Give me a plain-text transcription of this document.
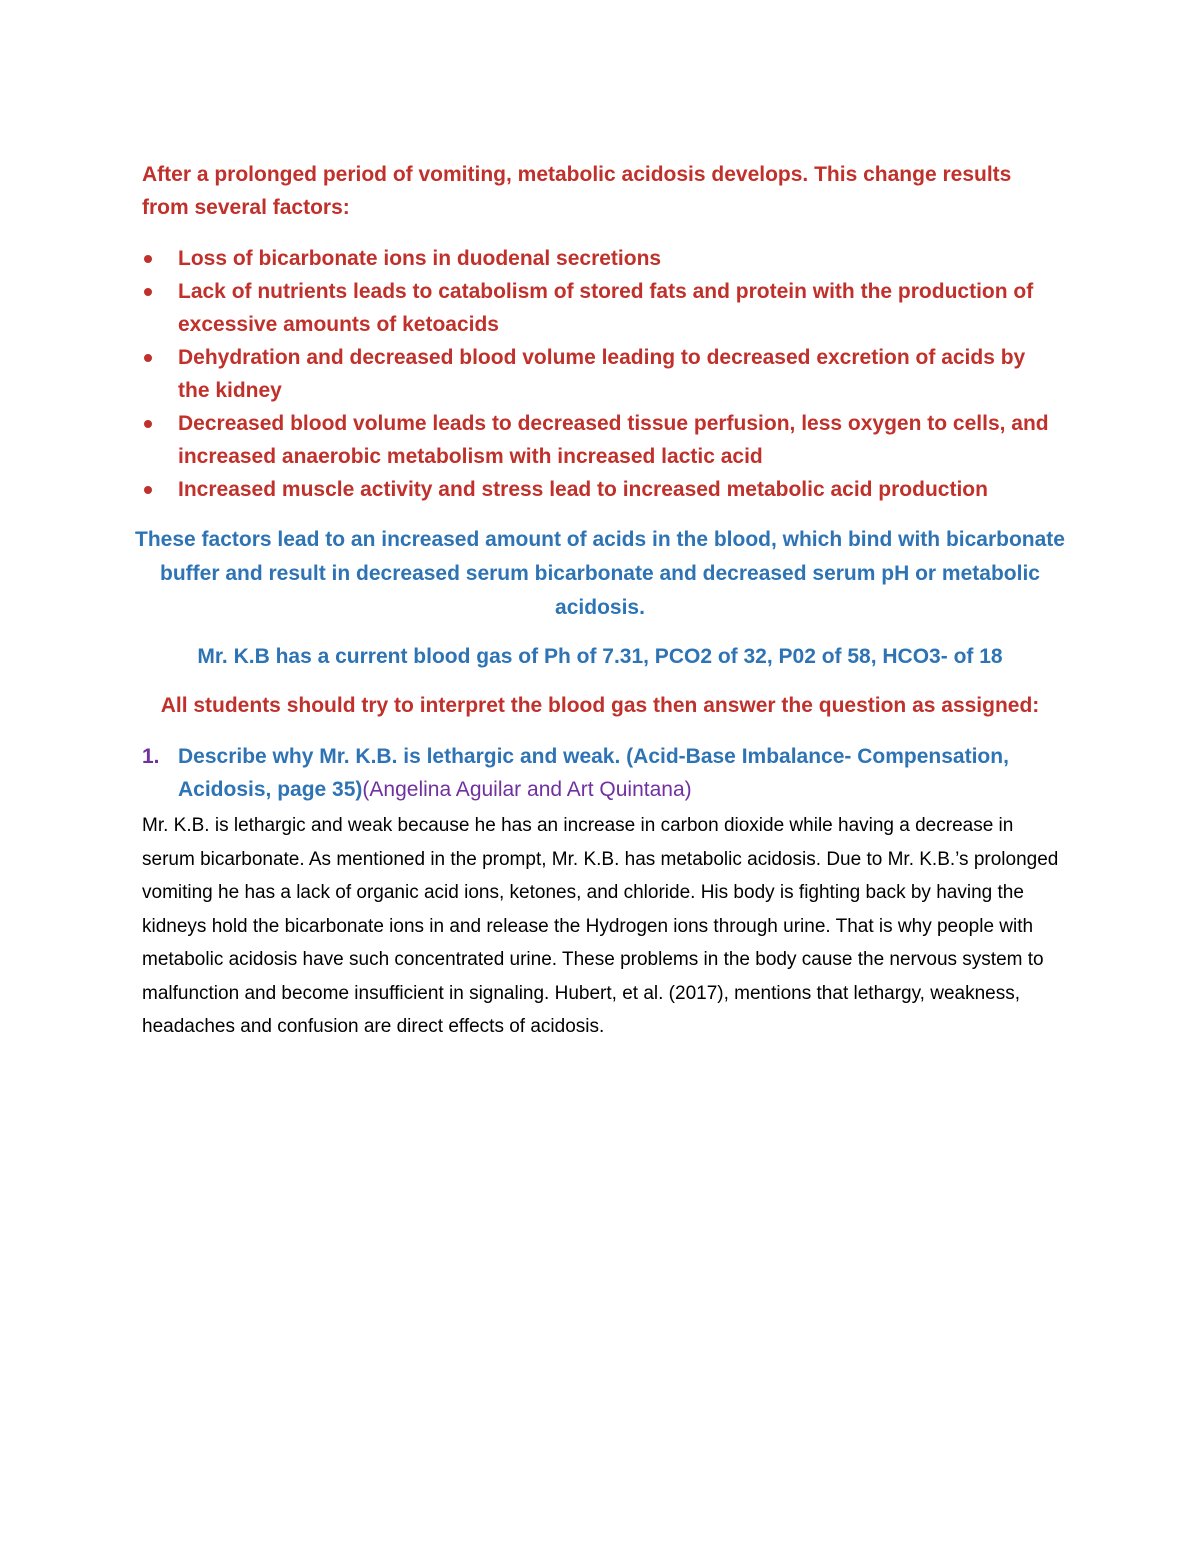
After a prolonged period of vomiting, metabolic acidosis develops. This change results from several factors:

Loss of bicarbonate ions in duodenal secretions
Lack of nutrients leads to catabolism of stored fats and protein with the production of excessive amounts of ketoacids
Dehydration and decreased blood volume leading to decreased excretion of acids by the kidney
Decreased blood volume leads to decreased tissue perfusion, less oxygen to cells, and increased anaerobic metabolism with increased lactic acid
Increased muscle activity and stress lead to increased metabolic acid production

These factors lead to an increased amount of acids in the blood, which bind with bicarbonate buffer and result in decreased serum bicarbonate and decreased serum pH or metabolic acidosis.

Mr. K.B has a current blood gas of Ph of 7.31, PCO2 of 32, P02 of 58, HCO3- of 18

All students should try to interpret the blood gas then answer the question as assigned:

1. Describe why Mr. K.B. is lethargic and weak. (Acid-Base Imbalance- Compensation, Acidosis, page 35)(Angelina Aguilar and Art Quintana)

Mr. K.B. is lethargic and weak because he has an increase in carbon dioxide while having a decrease in serum bicarbonate. As mentioned in the prompt, Mr. K.B. has metabolic acidosis. Due to Mr. K.B.’s prolonged vomiting he has a lack of organic acid ions, ketones, and chloride. His body is fighting back by having the kidneys hold the bicarbonate ions in and release the Hydrogen ions through urine. That is why people with metabolic acidosis have such concentrated urine. These problems in the body cause the nervous system to malfunction and become insufficient in signaling. Hubert, et al. (2017), mentions that lethargy, weakness, headaches and confusion are direct effects of acidosis.
